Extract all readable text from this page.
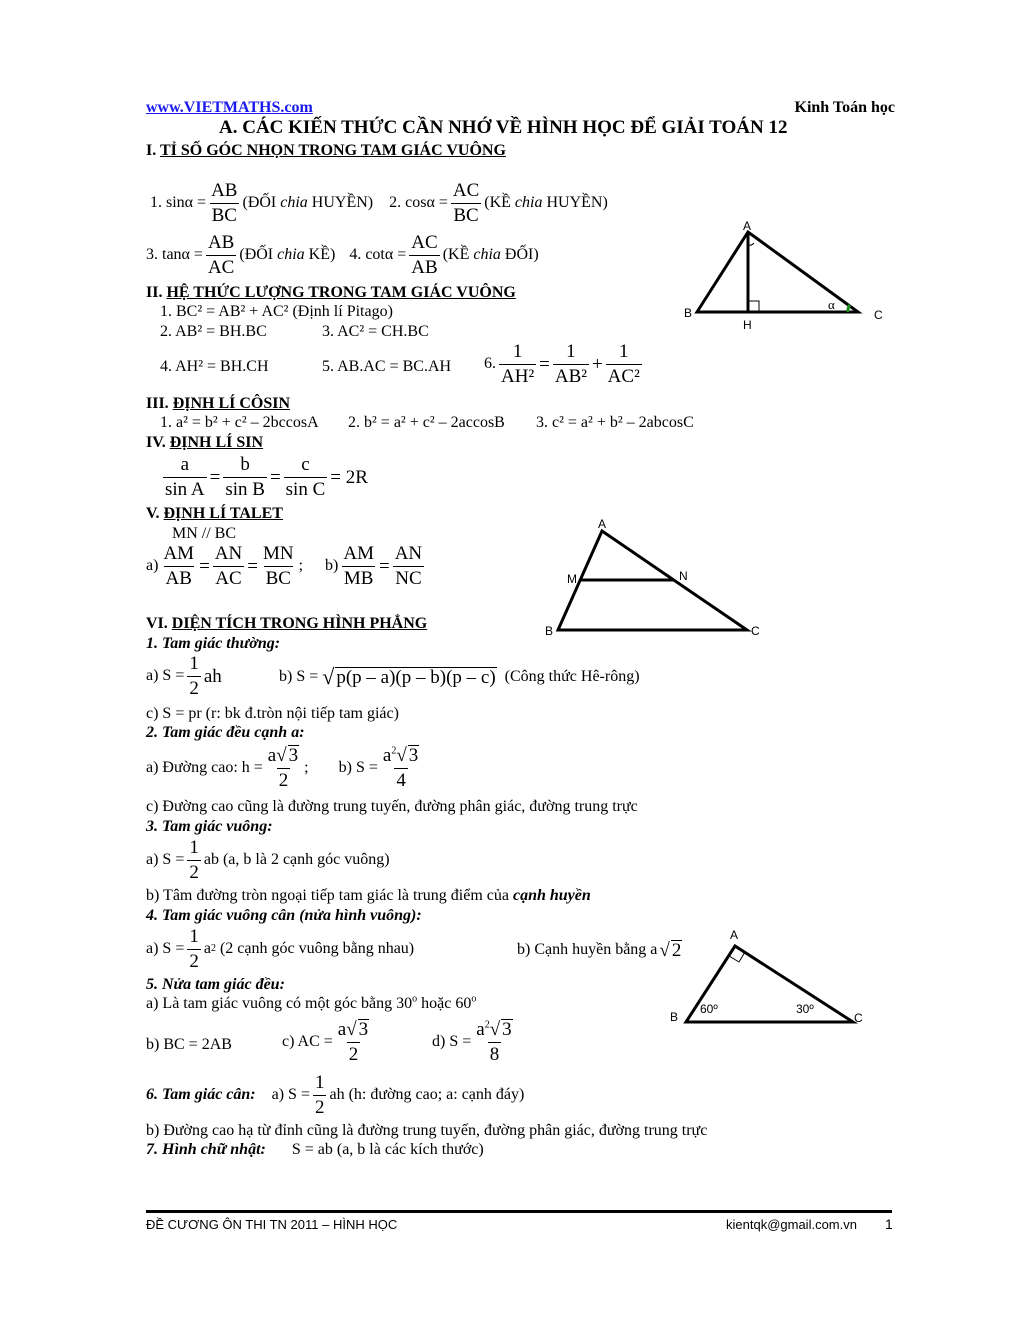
www.VIETMATHS.com	Kinh Toán học
A. CÁC KIẾN THỨC CẦN NHỚ VỀ HÌNH HỌC ĐỂ GIẢI TOÁN 12
I. TỈ SỐ GÓC NHỌN TRONG TAM GIÁC VUÔNG
1. $\sin\alpha = \frac{AB}{BC}$ (ĐỐI
chia
HUYỀN) 2. $\cos\alpha = \frac{AC}{BC}$ (KỀ
chia
HUYỀN)
3. $\tan\alpha = \frac{AB}{AC}$ (ĐỐI
chia
KỀ) 4. $\cot\alpha = \frac{AC}{AB}$ (KỀ
chia
ĐỐI)
A
B	C
H
α
II. HỆ THỨC LƯỢNG TRONG TAM GIÁC VUÔNG
1. BC² = AB² + AC² (Định lí Pitago)
2. AB² = BH.BC	3. AC² = CH.BC
4. AH² = BH.CH	5. AB.AC = BC.AH 6. $\frac{1}{\text{AH²}} = \frac{1}{\text{AB²}} + \frac{1}{\text{AC²}}$
III. ĐỊNH LÍ CÔSIN
1. a² = b² + c² – 2bccosA 2. b² = a² + c² – 2accosB 3. c² = a² + b² – 2abcosC
IV. ĐỊNH LÍ SIN
$\frac{a}{\text{sin A}} = \frac{b}{\text{sin B}} = \frac{c}{\text{sin C}} = 2R$
V. ĐỊNH LÍ TALET
MN // BC
$a) \frac{AM}{AB} = \frac{AN}{AC} = \frac{MN}{BC}$ ; $b) \frac{AM}{MB} = \frac{AN}{NC}$
A
M	N
B	C
VI. DIỆN TÍCH TRONG HÌNH PHẲNG
1. Tam giác thường:
a) $S = \frac{1}{2}$ ah	b) S = √ p(p – a)(p – b)(p – c) (Công thức Hê-rông)
c) S = pr (r: bk đ.tròn nội tiếp tam giác)
2. Tam giác đều cạnh a:
a) Đường cao: $h = \frac{a√ 3}{2}$ ; b) $S = \frac{a^2√ 3}{4}$
c) Đường cao cũng là đường trung tuyến, đường phân giác, đường trung trực
3. Tam giác vuông:
a) $S = \frac{1}{2}$ ab (a, b là 2 cạnh góc vuông)
b) Tâm đường tròn ngoại tiếp tam giác là trung điểm của cạnh huyền
4. Tam giác vuông cân (nửa hình vuông):
a) $S = \frac{1}{2}$ a 2
(2 cạnh góc vuông bằng nhau)	b) Cạnh huyền bằng a √ 2
A
B	C
60º	30º
5. Nửa tam giác đều:
a) Là tam giác vuông có một góc bằng 30$^o$ hoặc 60$^o$
b) BC = 2AB	c) AC = $\frac{a√ 3}{2}$	d) $S = \frac{a^2√ 3}{8}$
6. Tam giác cân: a) $S = \frac{1}{2}$ ah (h: đường cao; a: cạnh đáy)
b) Đường cao hạ từ đỉnh cũng là đường trung tuyến, đường phân giác, đường trung trực
7. Hình chữ nhật: S = ab (a, b là các kích thước)
ĐỀ CƯƠNG ÔN THI TN 2011 – HÌNH HỌC	kientqk@gmail.com.vn 1
